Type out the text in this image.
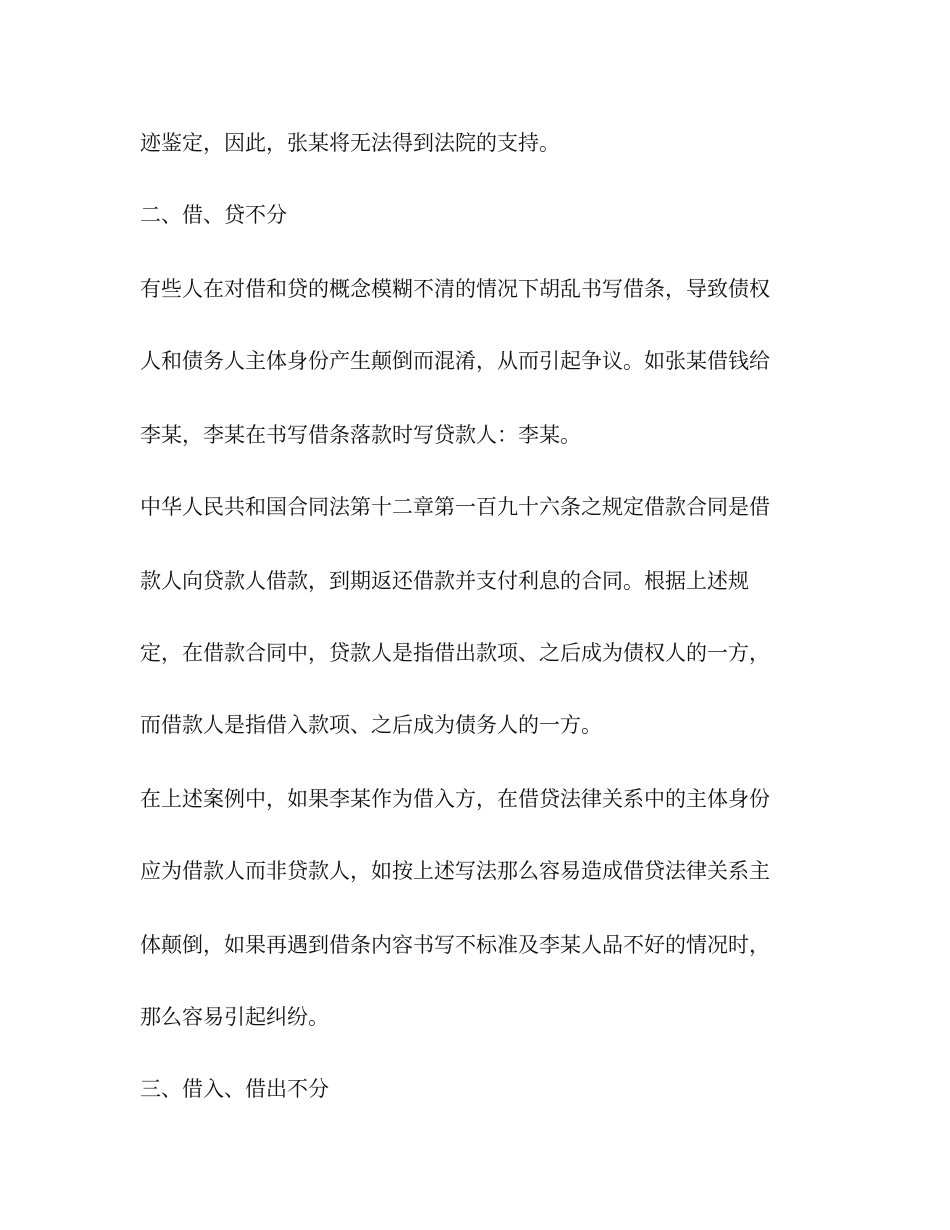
迹鉴定，因此，张某将无法得到法院的支持。

二、借、贷不分

有些人在对借和贷的概念模糊不清的情况下胡乱书写借条，导致债权

人和债务人主体身份产生颠倒而混淆，从而引起争议。如张某借钱给

李某，李某在书写借条落款时写贷款人：李某。

中华人民共和国合同法第十二章第一百九十六条之规定借款合同是借

款人向贷款人借款，到期返还借款并支付利息的合同。根据上述规

定，在借款合同中，贷款人是指借出款项、之后成为债权人的一方，

而借款人是指借入款项、之后成为债务人的一方。

在上述案例中，如果李某作为借入方，在借贷法律关系中的主体身份

应为借款人而非贷款人，如按上述写法那么容易造成借贷法律关系主

体颠倒，如果再遇到借条内容书写不标准及李某人品不好的情况时，

那么容易引起纠纷。

三、借入、借出不分
